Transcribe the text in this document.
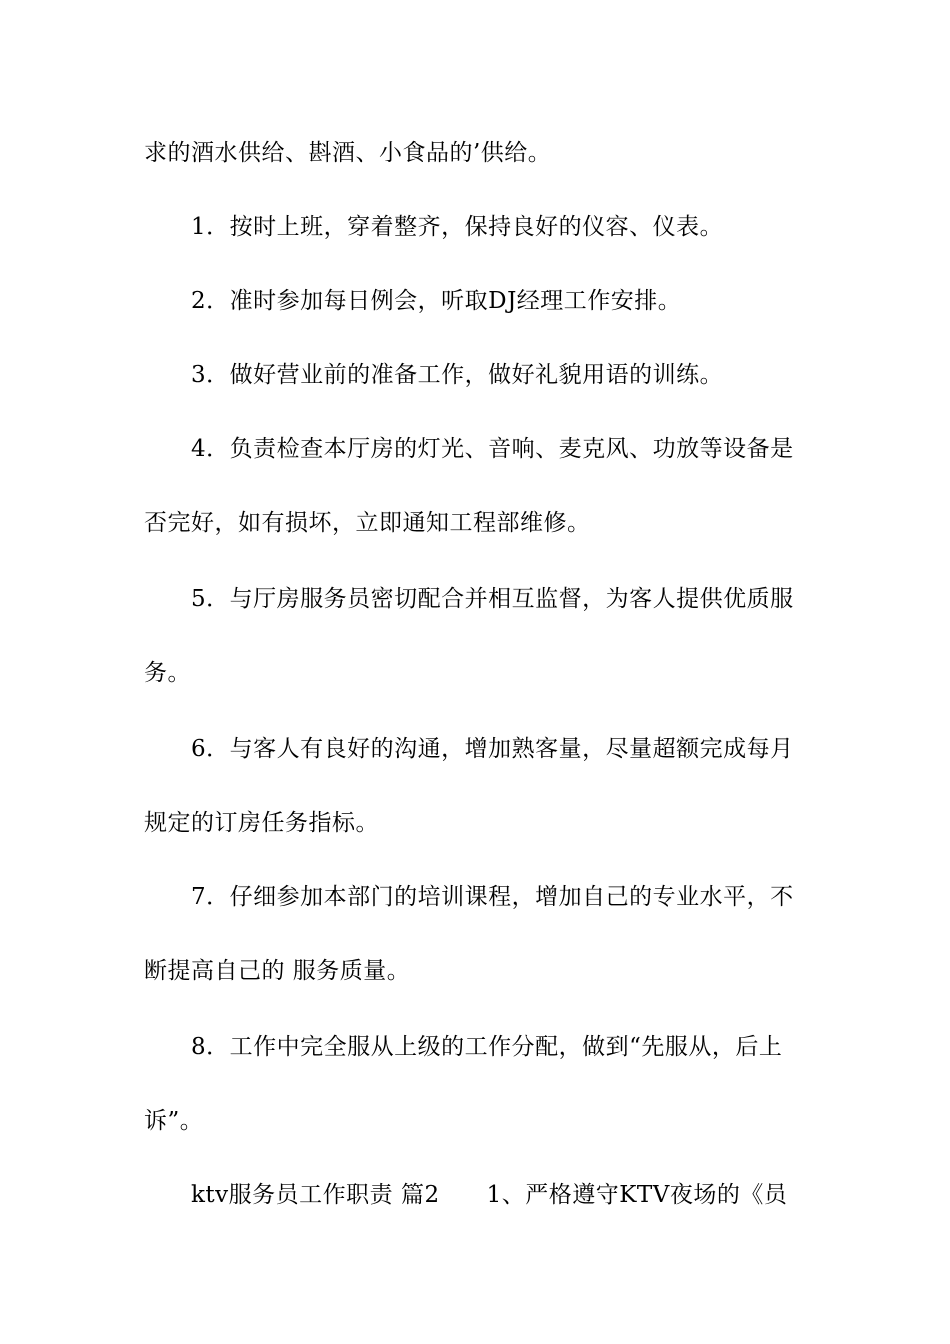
求的酒水供给、斟酒、小食品的’供给。
1．按时上班，穿着整齐，保持良好的仪容、仪表。
2．准时参加每日例会，听取DJ经理工作安排。
3．做好营业前的准备工作，做好礼貌用语的训练。
4．负责检查本厅房的灯光、音响、麦克风、功放等设备是
否完好，如有损坏，立即通知工程部维修。
5．与厅房服务员密切配合并相互监督，为客人提供优质服
务。
6．与客人有良好的沟通，增加熟客量，尽量超额完成每月
规定的订房任务指标。
7．仔细参加本部门的培训课程，增加自己的专业水平，不
断提高自己的 服务质量。
8．工作中完全服从上级的工作分配，做到“先服从，后上
诉”。
ktv服务员工作职责 篇2　　1、严格遵守KTV夜场的《员
